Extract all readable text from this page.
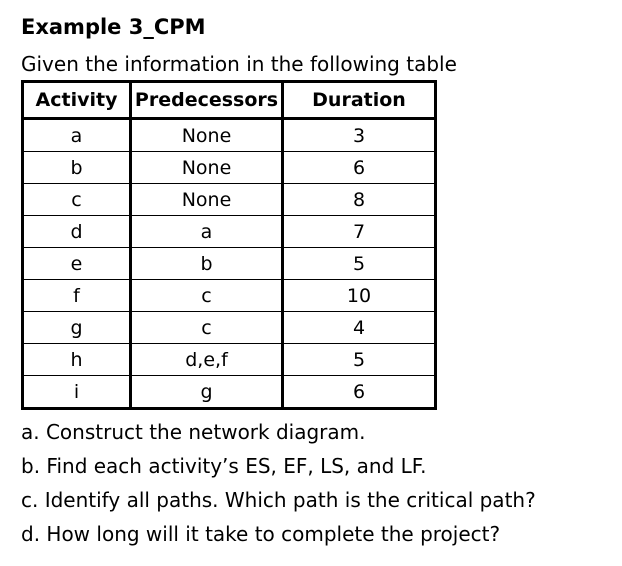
Example 3_CPM
Given the information in the following table
Activity	Predecessors	Duration
a	None	3
b	None	6
c	None	8
d	a	7
e	b	5
f	c	10
g	c	4
h	d,e,f	5
i	g	6
a. Construct the network diagram.
b. Find each activity’s ES, EF, LS, and LF.
c. Identify all paths. Which path is the critical path?
d. How long will it take to complete the project?
